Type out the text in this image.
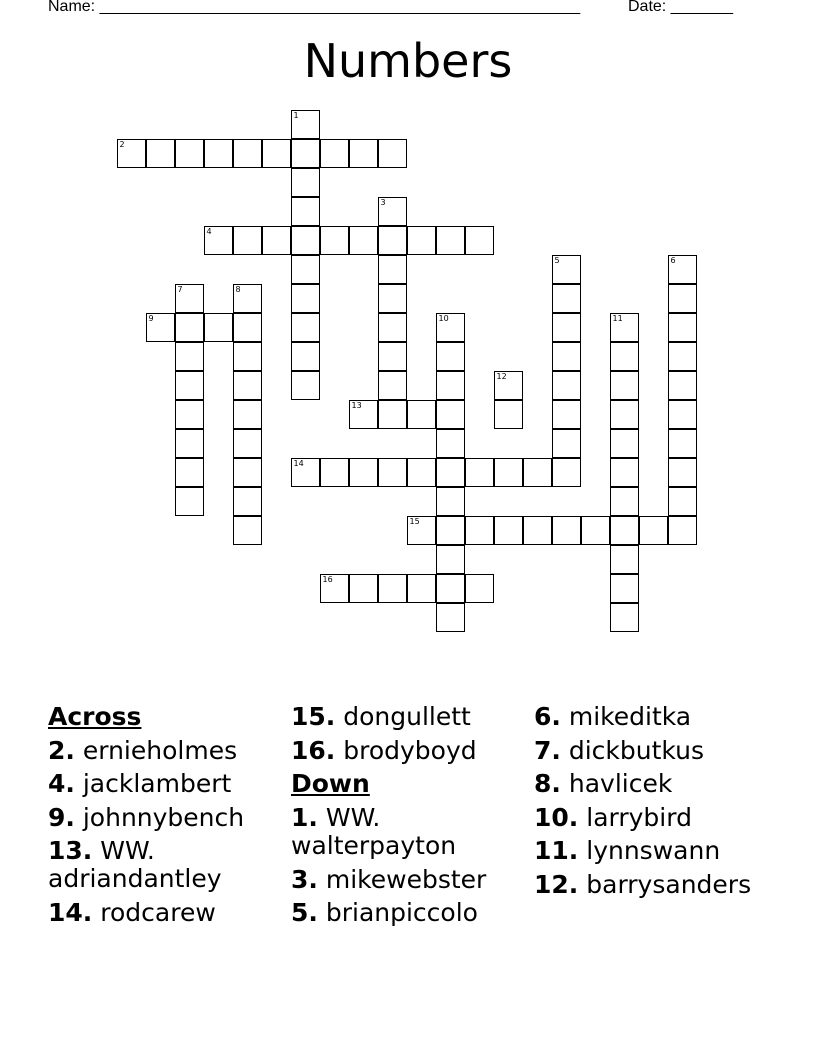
Name: ______________________________________________________	Date: _______
Numbers
1
2
3
4
5	6
7	8
9	10	11
12
13
14
15
16
Across
2. ernieholmes
4. jacklambert
9. johnnybench
13. WW.
adriandantley
14. rodcarew
15. dongullett
16. brodyboyd
Down
1. WW.
walterpayton
3. mikewebster
5. brianpiccolo
6. mikeditka
7. dickbutkus
8. havlicek
10. larrybird
11. lynnswann
12. barrysanders
